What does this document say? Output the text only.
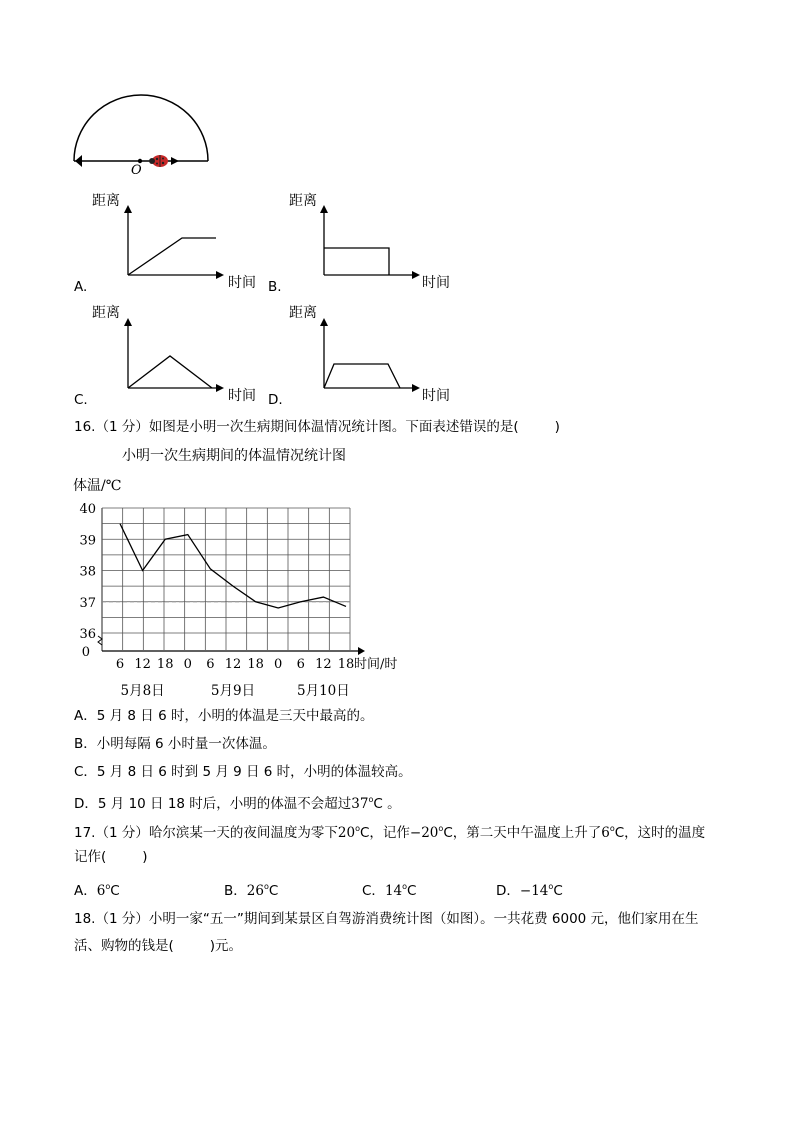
O
距离
时间
A.
距离
时间
B.
距离
时间
C.
距离
时间
D.
16.（1 分）如图是小明一次生病期间体温情况统计图。下面表述错误的是(	)
小明一次生病期间的体温情况统计图
体温/℃
40
39
38
37
36
0
6 12 18 0 6 12 18 0 6 12 18 时间/时
5月8日	5月9日	5月10日
A．5 月 8 日 6 时，小明的体温是三天中最高的。
B．小明每隔 6 小时量一次体温。
C．5 月 8 日 6 时到 5 月 9 日 6 时，小明的体温较高。
D．5 月 10 日 18 时后，小明的体温不会超过37$^o$C 。
17.（1 分）哈尔滨某一天的夜间温度为零下20$^o$C，记作$-20^oC$，第二天中午温度上升了6$^o$C，这时的温度
记作(	)
A．6$^o$C	B．26$^o$C	C．14$^o$C	D．$-14^oC$
18.（1 分）小明一家“五一”期间到某景区自驾游消费统计图（如图）。一共花费 6000 元，他们家用在生
活、购物的钱是(	)元。
